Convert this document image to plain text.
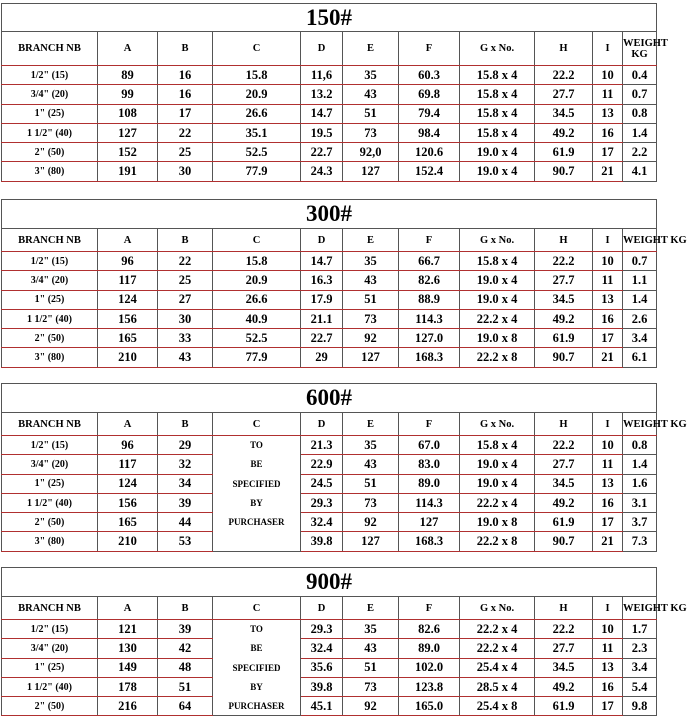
150#										
BRANCH NB	A	B	C	D	E	F	G x No.	H	I	WEIGHT KG
1/2" (15)	89	16	15.8	11,6	35	60.3	15.8 x 4	22.2	10	0.4
3/4" (20)	99	16	20.9	13.2	43	69.8	15.8 x 4	27.7	11	0.7
1" (25)	108	17	26.6	14.7	51	79.4	15.8 x 4	34.5	13	0.8
1 1/2" (40)	127	22	35.1	19.5	73	98.4	15.8 x 4	49.2	16	1.4
2" (50)	152	25	52.5	22.7	92,0	120.6	19.0 x 4	61.9	17	2.2
3" (80)	191	30	77.9	24.3	127	152.4	19.0 x 4	90.7	21	4.1
300#										
BRANCH NB	A	B	C	D	E	F	G x No.	H	I	WEIGHT KG
1/2" (15)	96	22	15.8	14.7	35	66.7	15.8 x 4	22.2	10	0.7
3/4" (20)	117	25	20.9	16.3	43	82.6	19.0 x 4	27.7	11	1.1
1" (25)	124	27	26.6	17.9	51	88.9	19.0 x 4	34.5	13	1.4
1 1/2" (40)	156	30	40.9	21.1	73	114.3	22.2 x 4	49.2	16	2.6
2" (50)	165	33	52.5	22.7	92	127.0	19.0 x 8	61.9	17	3.4
3" (80)	210	43	77.9	29	127	168.3	22.2 x 8	90.7	21	6.1
600#										
BRANCH NB	A	B	C	D	E	F	G x No.	H	I	WEIGHT KG
1/2" (15)	96	29	TO	21.3	35	67.0	15.8 x 4	22.2	10	0.8
3/4" (20)	117	32	BE	22.9	43	83.0	19.0 x 4	27.7	11	1.4
1" (25)	124	34	SPECIFIED	24.5	51	89.0	19.0 x 4	34.5	13	1.6
1 1/2" (40)	156	39	BY	29.3	73	114.3	22.2 x 4	49.2	16	3.1
2" (50)	165	44	PURCHASER	32.4	92	127	19.0 x 8	61.9	17	3.7
3" (80)	210	53		39.8	127	168.3	22.2 x 8	90.7	21	7.3
900#										
BRANCH NB	A	B	C	D	E	F	G x No.	H	I	WEIGHT KG
1/2" (15)	121	39	TO	29.3	35	82.6	22.2 x 4	22.2	10	1.7
3/4" (20)	130	42	BE	32.4	43	89.0	22.2 x 4	27.7	11	2.3
1" (25)	149	48	SPECIFIED	35.6	51	102.0	25.4 x 4	34.5	13	3.4
1 1/2" (40)	178	51	BY	39.8	73	123.8	28.5 x 4	49.2	16	5.4
2" (50)	216	64	PURCHASER	45.1	92	165.0	25.4 x 8	61.9	17	9.8
